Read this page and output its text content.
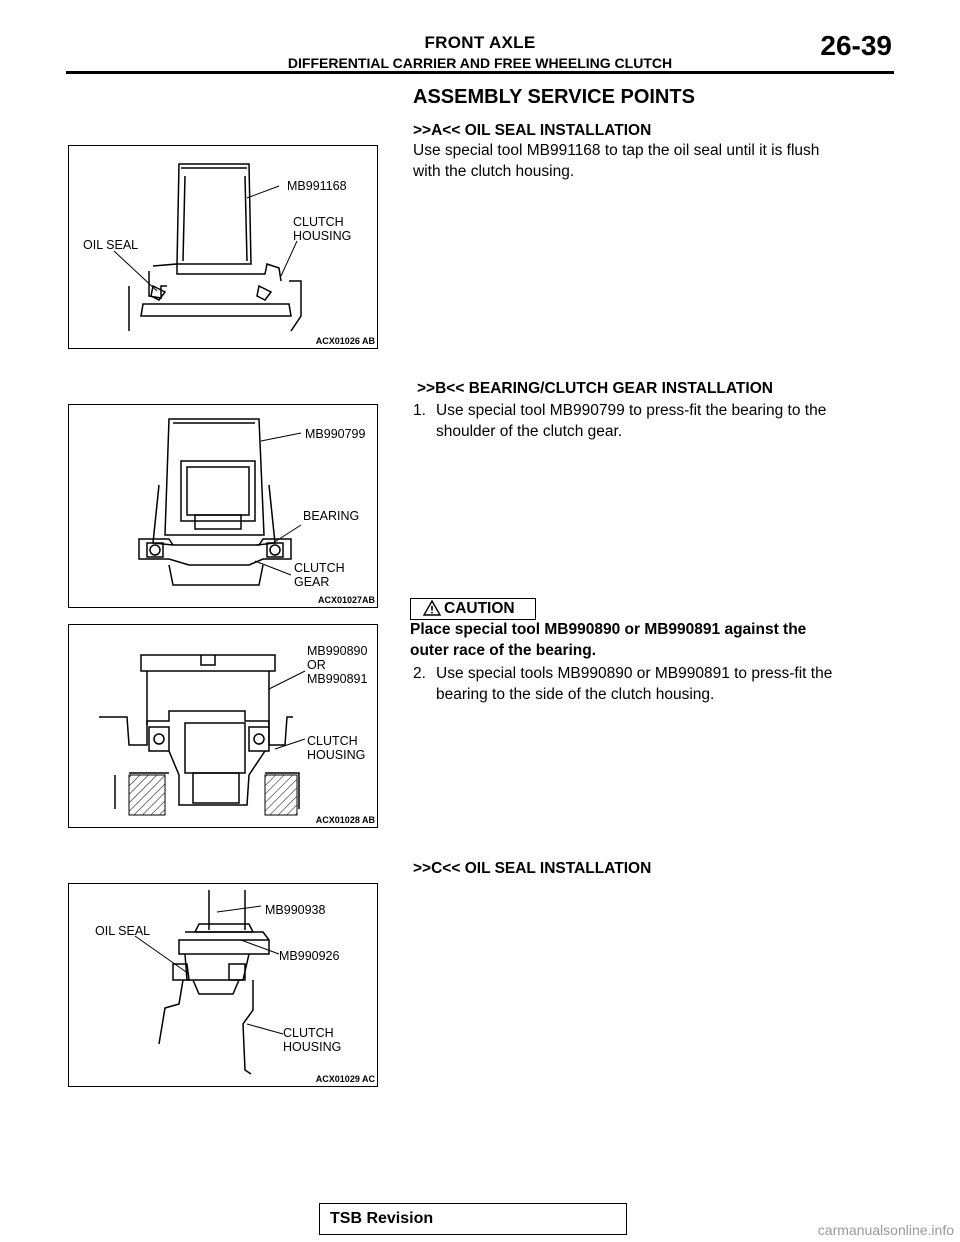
FRONT AXLE
DIFFERENTIAL CARRIER AND FREE WHEELING CLUTCH
26-39
ASSEMBLY SERVICE POINTS
>>A<< OIL SEAL INSTALLATION
Use special tool MB991168 to tap the oil seal until it is flush
with the clutch housing.
MB991168
CLUTCH
HOUSING
OIL SEAL
ACX01026 AB
>>B<< BEARING/CLUTCH GEAR INSTALLATION
1. Use special tool MB990799 to press-fit the bearing to the
shoulder of the clutch gear.
MB990799
BEARING
CLUTCH
GEAR
ACX01027AB	CAUTION
Place special tool MB990890 or MB990891 against the
outer race of the bearing.
2. Use special tools MB990890 or MB990891 to press-fit the
bearing to the side of the clutch housing.
MB990890
OR
MB990891
CLUTCH
HOUSING
ACX01028 AB
>>C<< OIL SEAL INSTALLATION
MB990938
MB990926
OIL SEAL
CLUTCH
HOUSING
ACX01029 AC
TSB Revision
carmanualsonline.info
